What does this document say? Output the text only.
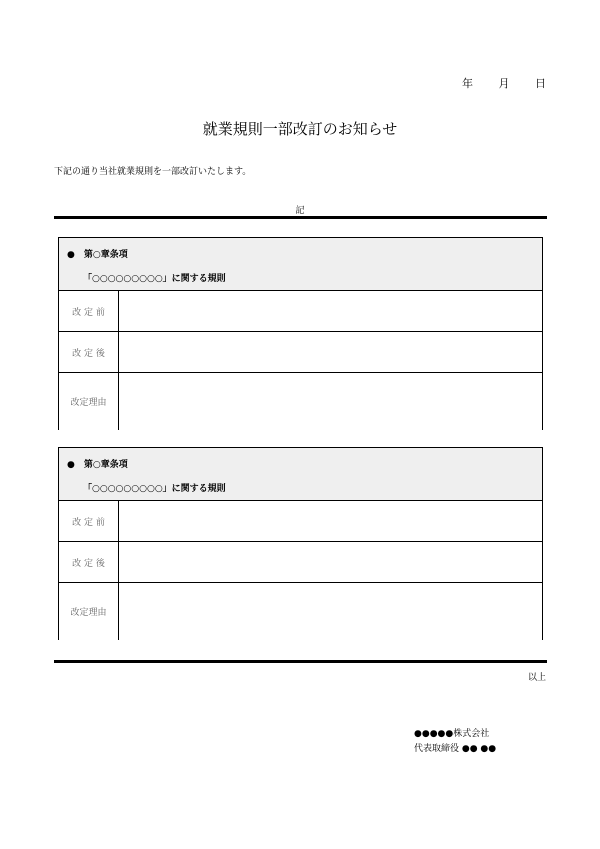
年 月 日
就業規則一部改訂のお知らせ
下記の通り当社就業規則を一部改訂いたします。
記
●　第○章条項
「○○○○○○○○○」に関する規則
改 定 前
改 定 後
改定理由
●　第○章条項
「○○○○○○○○○」に関する規則
改 定 前
改 定 後
改定理由
以上
●●●●●株式会社
代表取締役 ●● ●●
